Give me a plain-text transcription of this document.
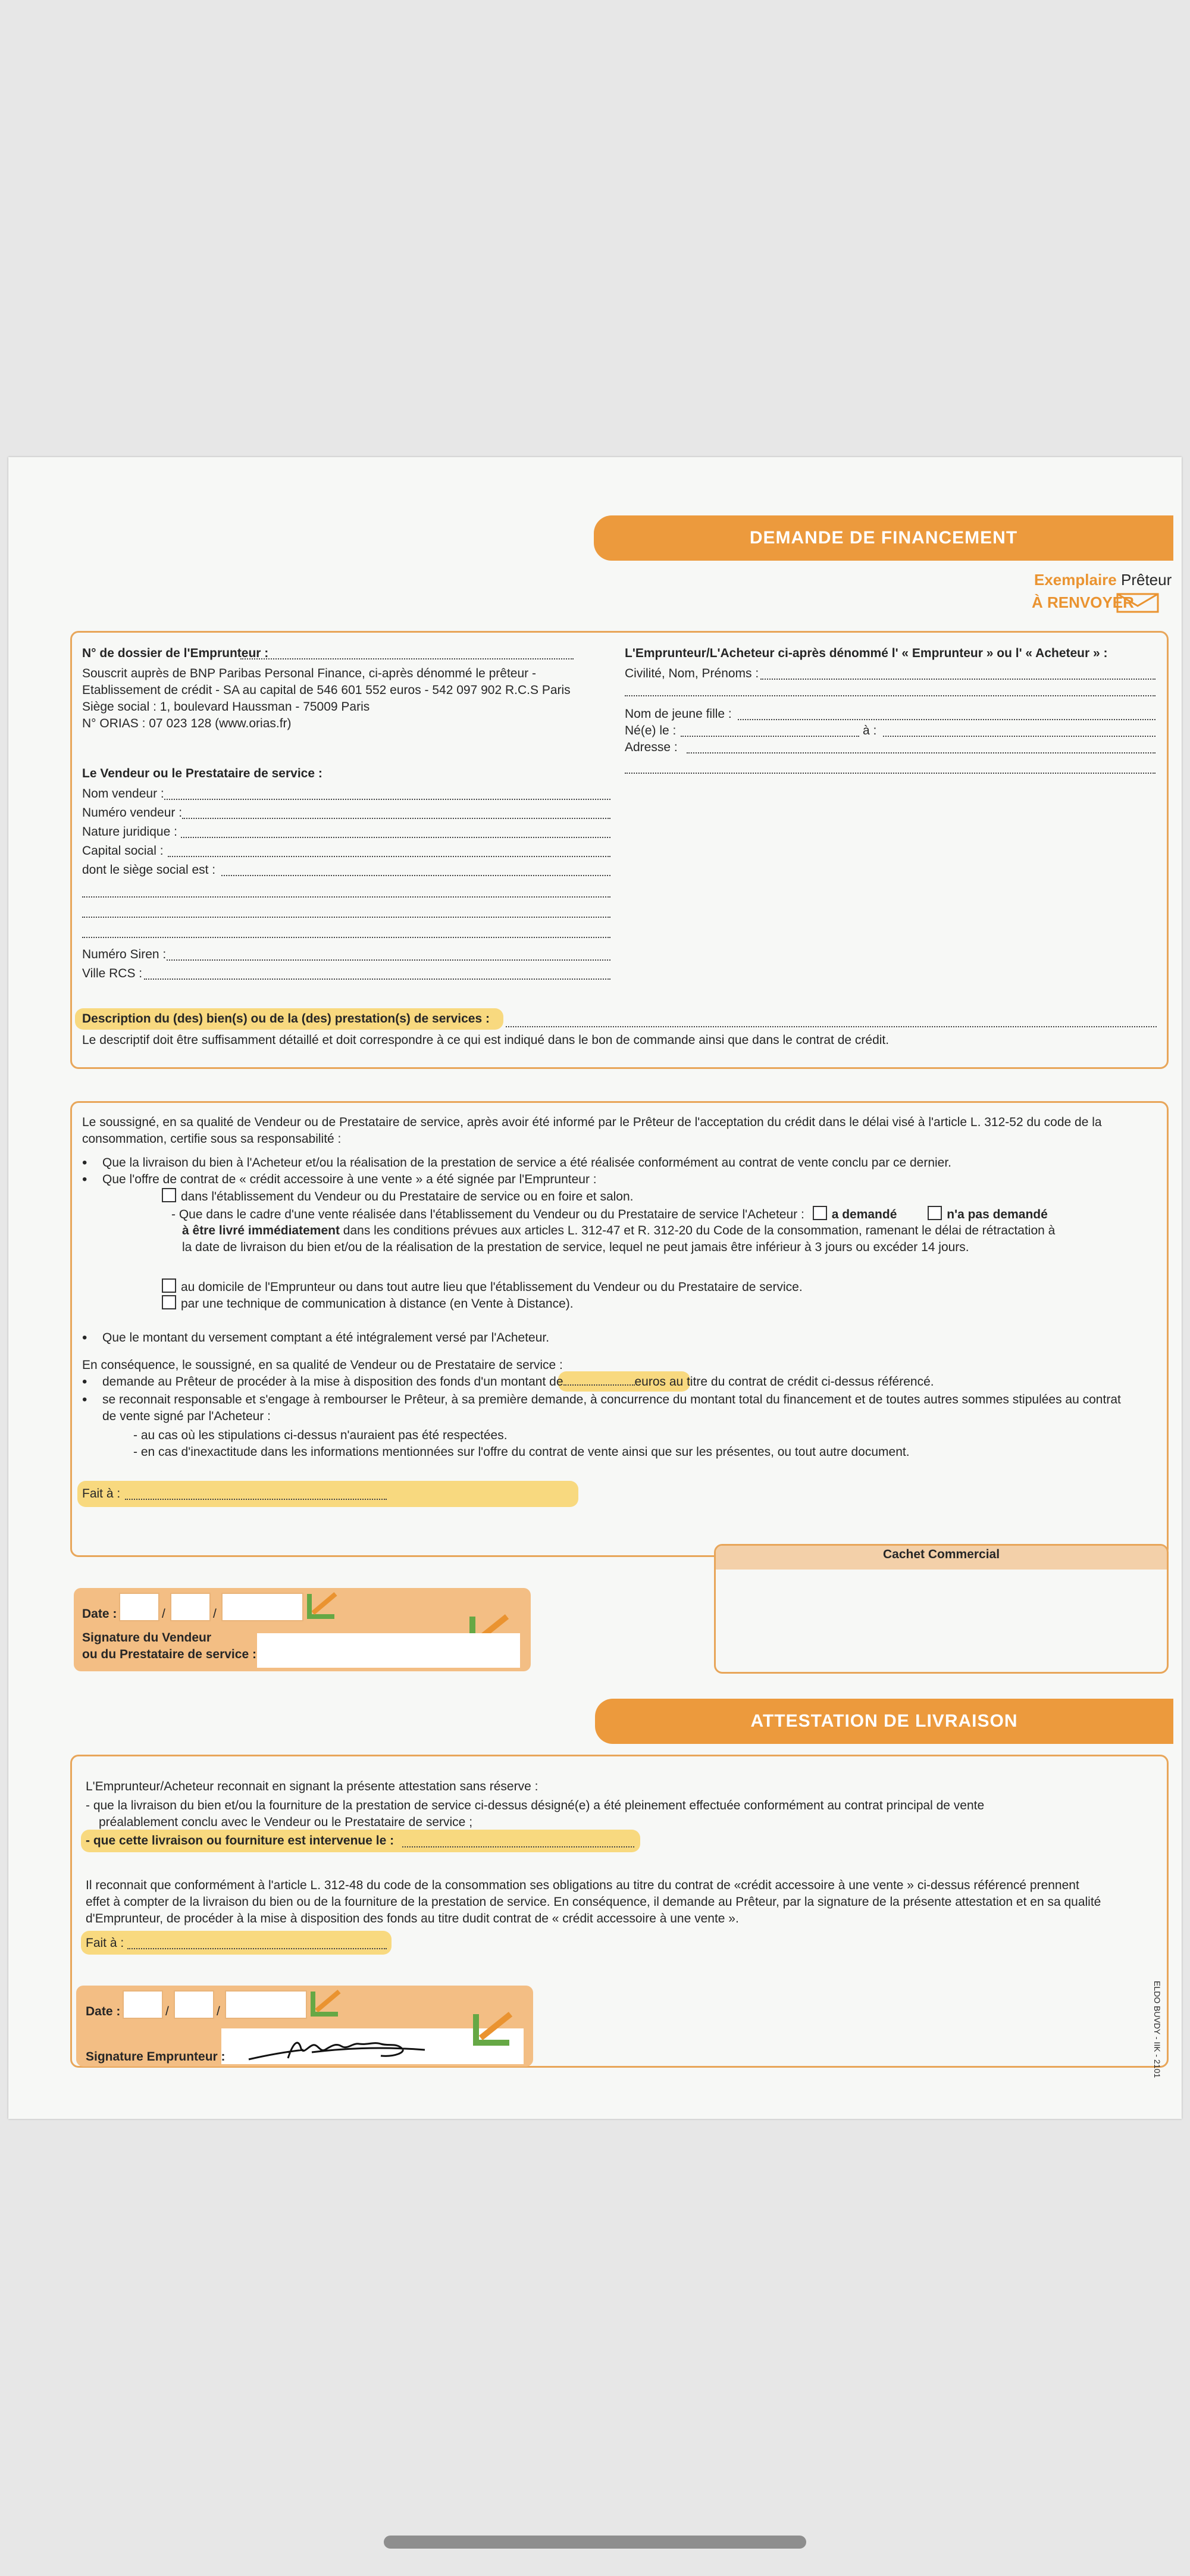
DEMANDE DE FINANCEMENT
Exemplaire Prêteur
À RENVOYER
N° de dossier de l'Emprunteur :
Souscrit auprès de BNP Paribas Personal Finance, ci-après dénommé le prêteur -
Etablissement de crédit - SA au capital de 546 601 552 euros - 542 097 902 R.C.S Paris
Siège social : 1, boulevard Haussman - 75009 Paris
N° ORIAS : 07 023 128 (www.orias.fr)
L'Emprunteur/L'Acheteur ci-après dénommé l' « Emprunteur » ou l' « Acheteur » :
Civilité, Nom, Prénoms :
Nom de jeune fille :
Né(e) le :	à :
Adresse :
Le Vendeur ou le Prestataire de service :
Nom vendeur :
Numéro vendeur :
Nature juridique :
Capital social :
dont le siège social est :
Numéro Siren :
Ville RCS :
Description du (des) bien(s) ou de la (des) prestation(s) de services :
Le descriptif doit être suffisamment détaillé et doit correspondre à ce qui est indiqué dans le bon de commande ainsi que dans le contrat de crédit.
Le soussigné, en sa qualité de Vendeur ou de Prestataire de service, après avoir été informé par le Prêteur de l'acceptation du crédit dans le délai visé à l'article L. 312-52 du code de la
consommation, certifie sous sa responsabilité :
• Que la livraison du bien à l'Acheteur et/ou la réalisation de la prestation de service a été réalisée conformément au contrat de vente conclu par ce dernier.
• Que l'offre de contrat de « crédit accessoire à une vente » a été signée par l'Emprunteur :
dans l'établissement du Vendeur ou du Prestataire de service ou en foire et salon.
- Que dans le cadre d'une vente réalisée dans l'établissement du Vendeur ou du Prestataire de service l'Acheteur : a demandé	n'a pas demandé
à être livré immédiatement dans les conditions prévues aux articles L. 312-47 et R. 312-20 du Code de la consommation, ramenant le délai de rétractation à
la date de livraison du bien et/ou de la réalisation de la prestation de service, lequel ne peut jamais être inférieur à 3 jours ou excéder 14 jours.
au domicile de l'Emprunteur ou dans tout autre lieu que l'établissement du Vendeur ou du Prestataire de service.
par une technique de communication à distance (en Vente à Distance).
• Que le montant du versement comptant a été intégralement versé par l'Acheteur.
En conséquence, le soussigné, en sa qualité de Vendeur ou de Prestataire de service :
• demande au Prêteur de procéder à la mise à disposition des fonds d'un montant de	euros au titre du contrat de crédit ci-dessus référencé.
• se reconnait responsable et s'engage à rembourser le Prêteur, à sa première demande, à concurrence du montant total du financement et de toutes autres sommes stipulées au contrat
de vente signé par l'Acheteur :
- au cas où les stipulations ci-dessus n'auraient pas été respectées.
- en cas d'inexactitude dans les informations mentionnées sur l'offre du contrat de vente ainsi que sur les présentes, ou tout autre document.
Fait à :
Cachet Commercial
Date :	/	/
Signature du Vendeur
ou du Prestataire de service :
ATTESTATION DE LIVRAISON
L'Emprunteur/Acheteur reconnait en signant la présente attestation sans réserve :
- que la livraison du bien et/ou la fourniture de la prestation de service ci-dessus désigné(e) a été pleinement effectuée conformément au contrat principal de vente
préalablement conclu avec le Vendeur ou le Prestataire de service ;
- que cette livraison ou fourniture est intervenue le :
Il reconnait que conformément à l'article L. 312-48 du code de la consommation ses obligations au titre du contrat de «crédit accessoire à une vente » ci-dessus référencé prennent
effet à compter de la livraison du bien ou de la fourniture de la prestation de service. En conséquence, il demande au Prêteur, par la signature de la présente attestation et en sa qualité
d'Emprunteur, de procéder à la mise à disposition des fonds au titre dudit contrat de « crédit accessoire à une vente ».
Fait à :
Date :	/	/
Signature Emprunteur :	ELDO BUVDY - IIK - 2101
